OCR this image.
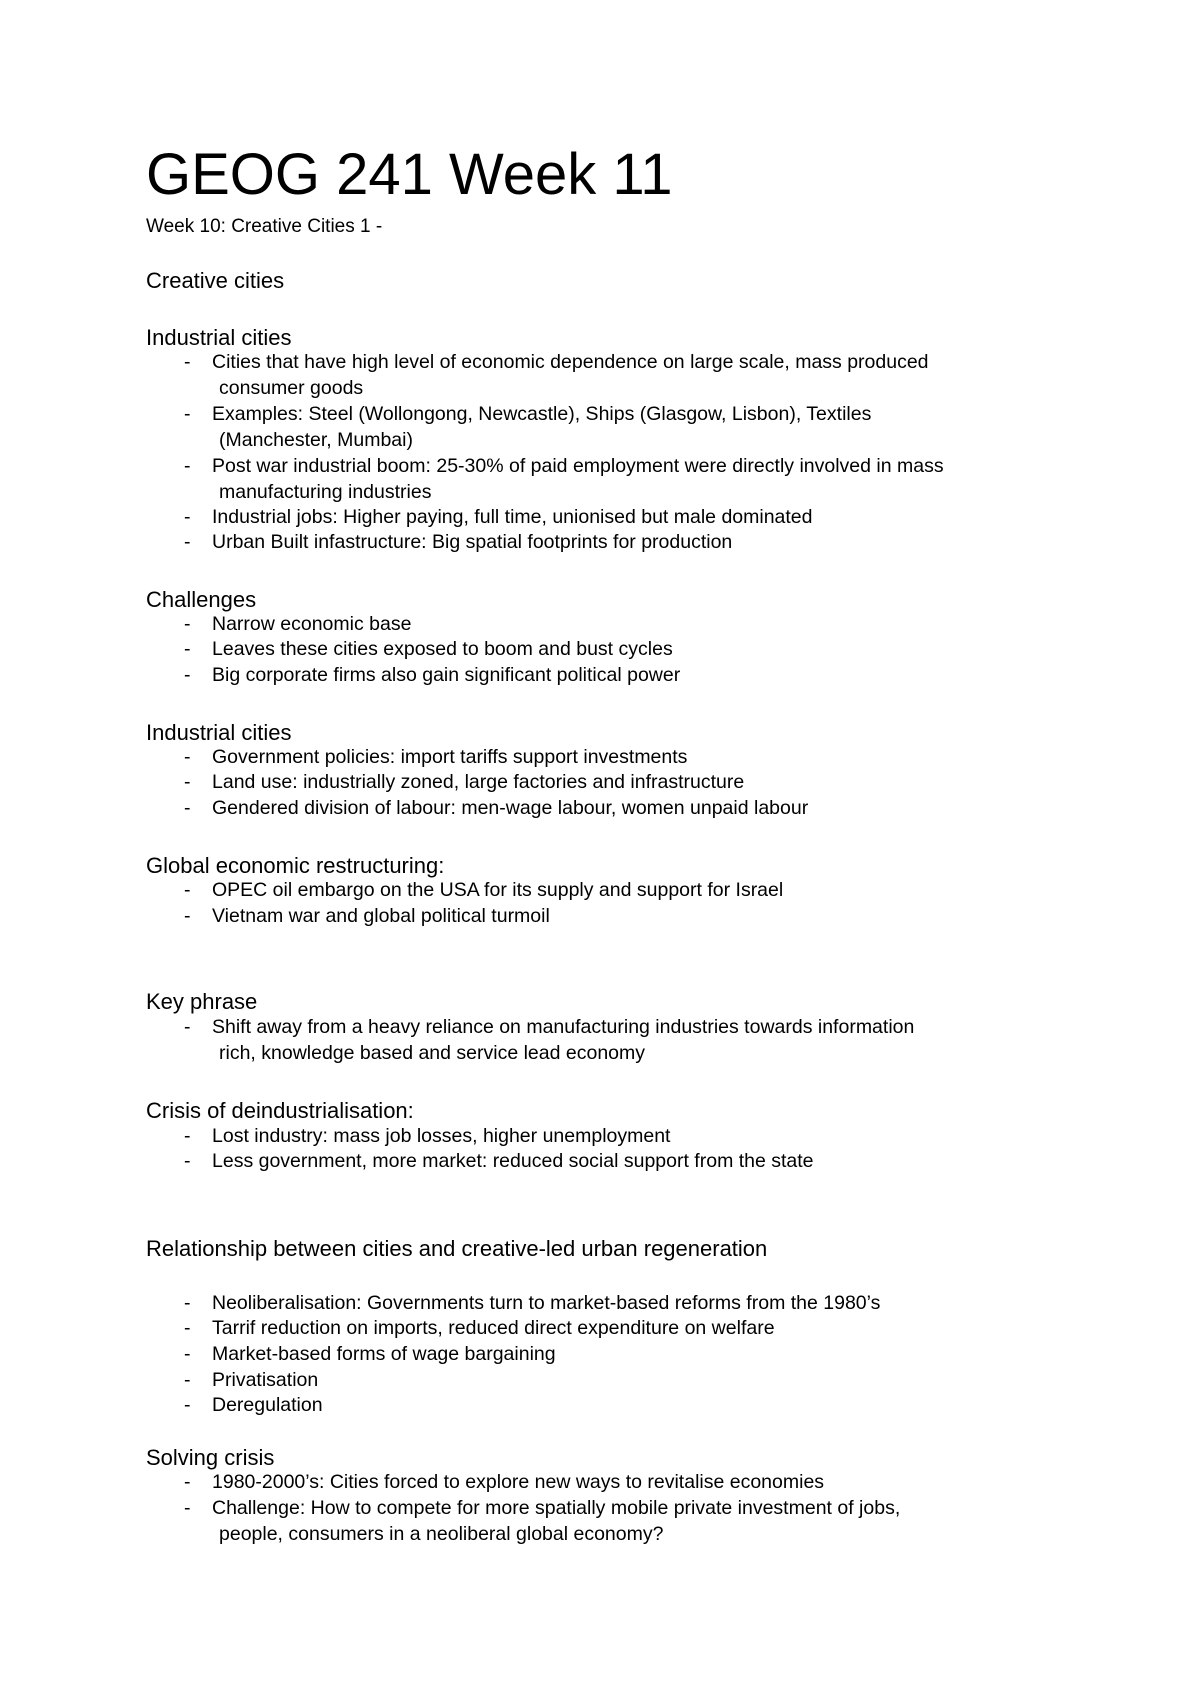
GEOG 241 Week 11
Week 10: Creative Cities 1 -
Creative cities
Industrial cities
- Cities that have high level of economic dependence on large scale, mass produced
consumer goods
- Examples: Steel (Wollongong, Newcastle), Ships (Glasgow, Lisbon), Textiles
(Manchester, Mumbai)
- Post war industrial boom: 25-30% of paid employment were directly involved in mass
manufacturing industries
- Industrial jobs: Higher paying, full time, unionised but male dominated
- Urban Built infastructure: Big spatial footprints for production
Challenges
- Narrow economic base
- Leaves these cities exposed to boom and bust cycles
- Big corporate firms also gain significant political power
Industrial cities
- Government policies: import tariffs support investments
- Land use: industrially zoned, large factories and infrastructure
- Gendered division of labour: men-wage labour, women unpaid labour
Global economic restructuring:
- OPEC oil embargo on the USA for its supply and support for Israel
- Vietnam war and global political turmoil
Key phrase
- Shift away from a heavy reliance on manufacturing industries towards information
rich, knowledge based and service lead economy
Crisis of deindustrialisation:
- Lost industry: mass job losses, higher unemployment
- Less government, more market: reduced social support from the state
Relationship between cities and creative-led urban regeneration
- Neoliberalisation: Governments turn to market-based reforms from the 1980’s
- Tarrif reduction on imports, reduced direct expenditure on welfare
- Market-based forms of wage bargaining
- Privatisation
- Deregulation
Solving crisis
- 1980-2000’s: Cities forced to explore new ways to revitalise economies
- Challenge: How to compete for more spatially mobile private investment of jobs,
people, consumers in a neoliberal global economy?
